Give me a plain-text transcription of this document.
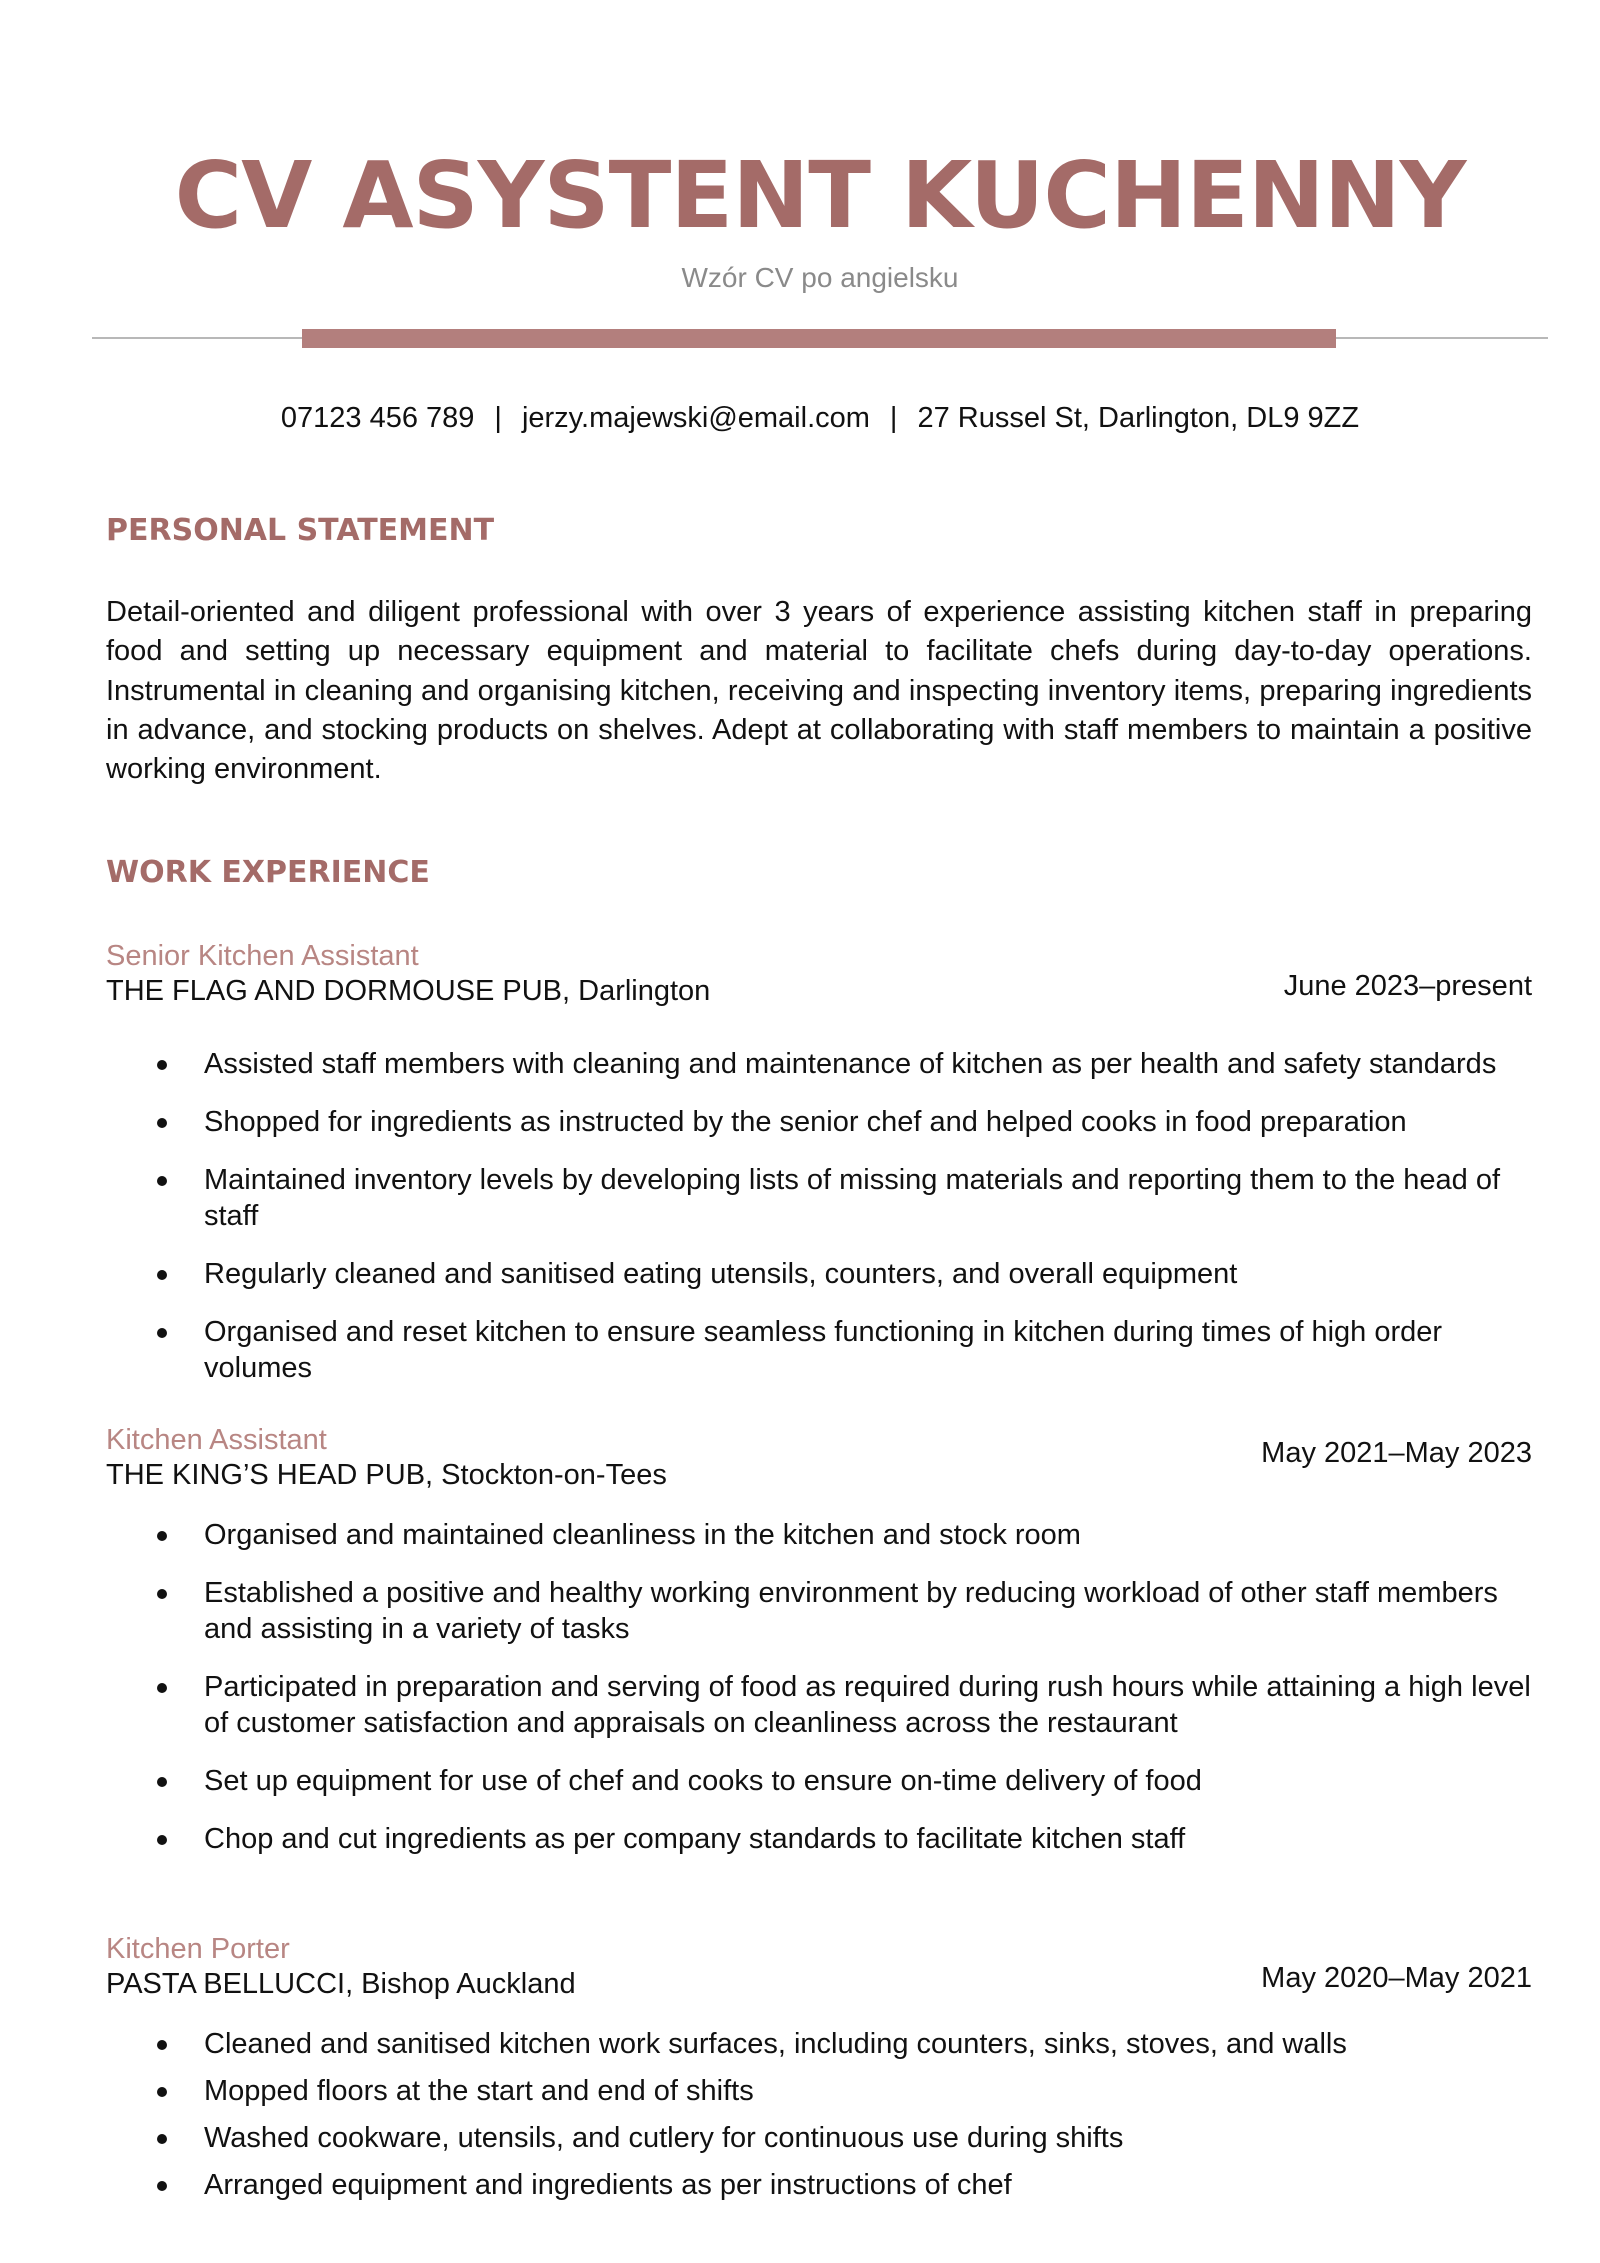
CV ASYSTENT KUCHENNY
Wzór CV po angielsku
07123 456 789 | jerzy.majewski@email.com | 27 Russel St, Darlington, DL9 9ZZ
PERSONAL STATEMENT

Detail-oriented and diligent professional with over 3 years of experience assisting kitchen staff in preparing food and setting up necessary equipment and material to facilitate chefs during day-to-day operations. Instrumental in cleaning and organising kitchen, receiving and inspecting inventory items, preparing ingredients in advance, and stocking products on shelves. Adept at collaborating with staff members to maintain a positive working environment.

WORK EXPERIENCE
Senior Kitchen Assistant
THE FLAG AND DORMOUSE PUB, Darlington	June 2023–present
Assisted staff members with cleaning and maintenance of kitchen as per health and safety standards
Shopped for ingredients as instructed by the senior chef and helped cooks in food preparation
Maintained inventory levels by developing lists of missing materials and reporting them to the head of staff
Regularly cleaned and sanitised eating utensils, counters, and overall equipment
Organised and reset kitchen to ensure seamless functioning in kitchen during times of high order volumes
Kitchen Assistant
THE KING’S HEAD PUB, Stockton-on-Tees
May 2021–May 2023
Organised and maintained cleanliness in the kitchen and stock room
Established a positive and healthy working environment by reducing workload of other staff members and assisting in a variety of tasks
Participated in preparation and serving of food as required during rush hours while attaining a high level of customer satisfaction and appraisals on cleanliness across the restaurant
Set up equipment for use of chef and cooks to ensure on-time delivery of food
Chop and cut ingredients as per company standards to facilitate kitchen staff
Kitchen Porter
PASTA BELLUCCI, Bishop Auckland	May 2020–May 2021
Cleaned and sanitised kitchen work surfaces, including counters, sinks, stoves, and walls
Mopped floors at the start and end of shifts
Washed cookware, utensils, and cutlery for continuous use during shifts
Arranged equipment and ingredients as per instructions of chef
